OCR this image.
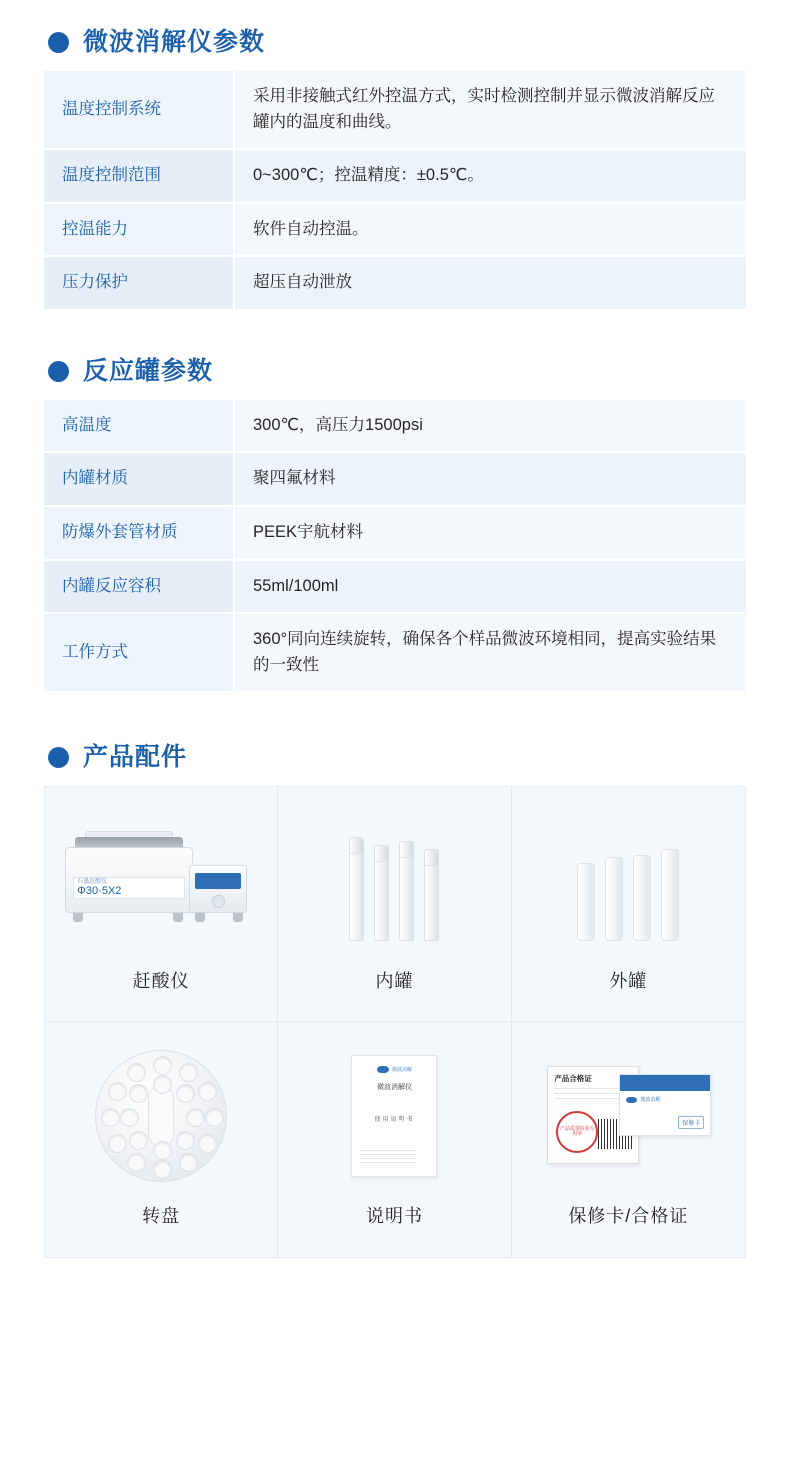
微波消解仪参数
温度控制系统	采用非接触式红外控温方式，实时检测控制并显示微波消解反应罐内的温度和曲线。
温度控制范围	0~300℃；控温精度：±0.5℃。
控温能力	软件自动控温。
压力保护	超压自动泄放
反应罐参数
高温度	300℃，高压力1500psi
内罐材质	聚四氟材料
防爆外套管材质	PEEK宇航材料
内罐反应容积	55ml/100ml
工作方式	360°同向连续旋转，确保各个样品微波环境相同，提高实验结果的一致性
产品配件
石墨赶酸仪
Φ30·5X2
赶酸仪	内罐	外罐
转盘
微波消解
微波消解仪
使用说明书
说明书
产品合格证
产品质量检验专用章
微波消解
保修卡
保修卡/合格证
